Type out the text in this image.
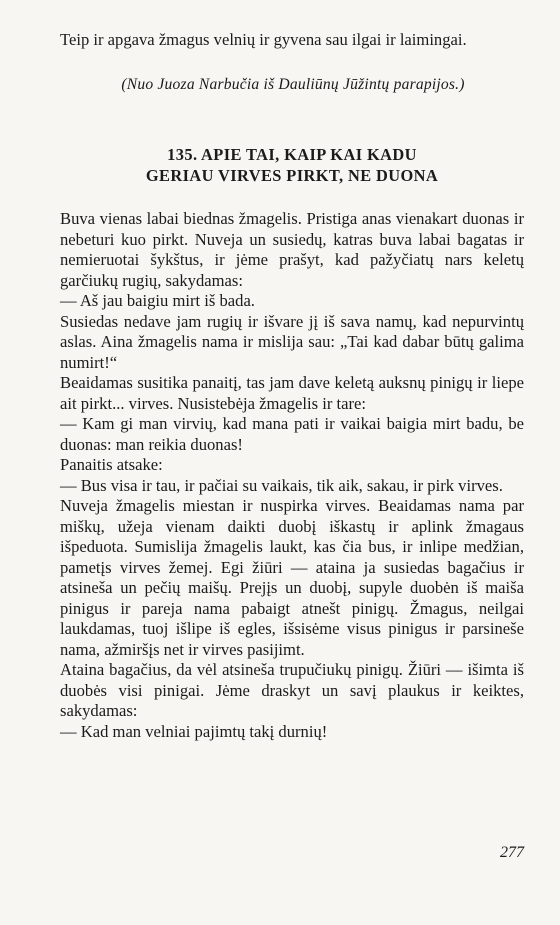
Teip ir apgava žmagus velnių ir gyvena sau ilgai ir laimingai.

(Nuo Juoza Narbučia iš Dauliūnų Jūžintų parapijos.)

135. APIE TAI, KAIP KAI KADU
GERIAU VIRVES PIRKT, NE DUONA

Buva vienas labai biednas žmagelis. Pristiga anas vienakart duonas ir nebeturi kuo pirkt. Nuveja un susiedų, katras buva labai bagatas ir nemieruotai šykštus, ir jėme prašyt, kad pažyčiatų nars keletų garčiukų rugių, sakydamas:

— Aš jau baigiu mirt iš bada.

Susiedas nedave jam rugių ir išvare jį iš sava namų, kad nepurvintų aslas. Aina žmagelis nama ir mislija sau: „Tai kad dabar būtų galima numirt!“

Beaidamas susitika panaitį, tas jam dave keletą auksnų pinigų ir liepe ait pirkt... virves. Nusistebėja žmagelis ir tare:

— Kam gi man virvių, kad mana pati ir vaikai baigia mirt badu, be duonas: man reikia duonas!

Panaitis atsake:

— Bus visa ir tau, ir pačiai su vaikais, tik aik, sakau, ir pirk virves.

Nuveja žmagelis miestan ir nuspirka virves. Beaidamas nama par miškų, užeja vienam daikti duobį iškastų ir aplink žmagaus išpeduota. Sumislija žmagelis laukt, kas čia bus, ir inlipe medžian, pametįs virves žemej. Egi žiūri — ataina ja susiedas bagačius ir atsineša un pečių maišų. Prejįs un duobį, supyle duobėn iš maiša pinigus ir pareja nama pabaigt atnešt pinigų. Žmagus, neilgai laukdamas, tuoj išlipe iš egles, išsisėme visus pinigus ir parsineše nama, ažmiršįs net ir virves pasijimt.

Ataina bagačius, da vėl atsineša trupučiukų pinigų. Žiūri — išimta iš duobės visi pinigai. Jėme draskyt un savį plaukus ir keiktes, sakydamas:

— Kad man velniai pajimtų takį durnių!

277
